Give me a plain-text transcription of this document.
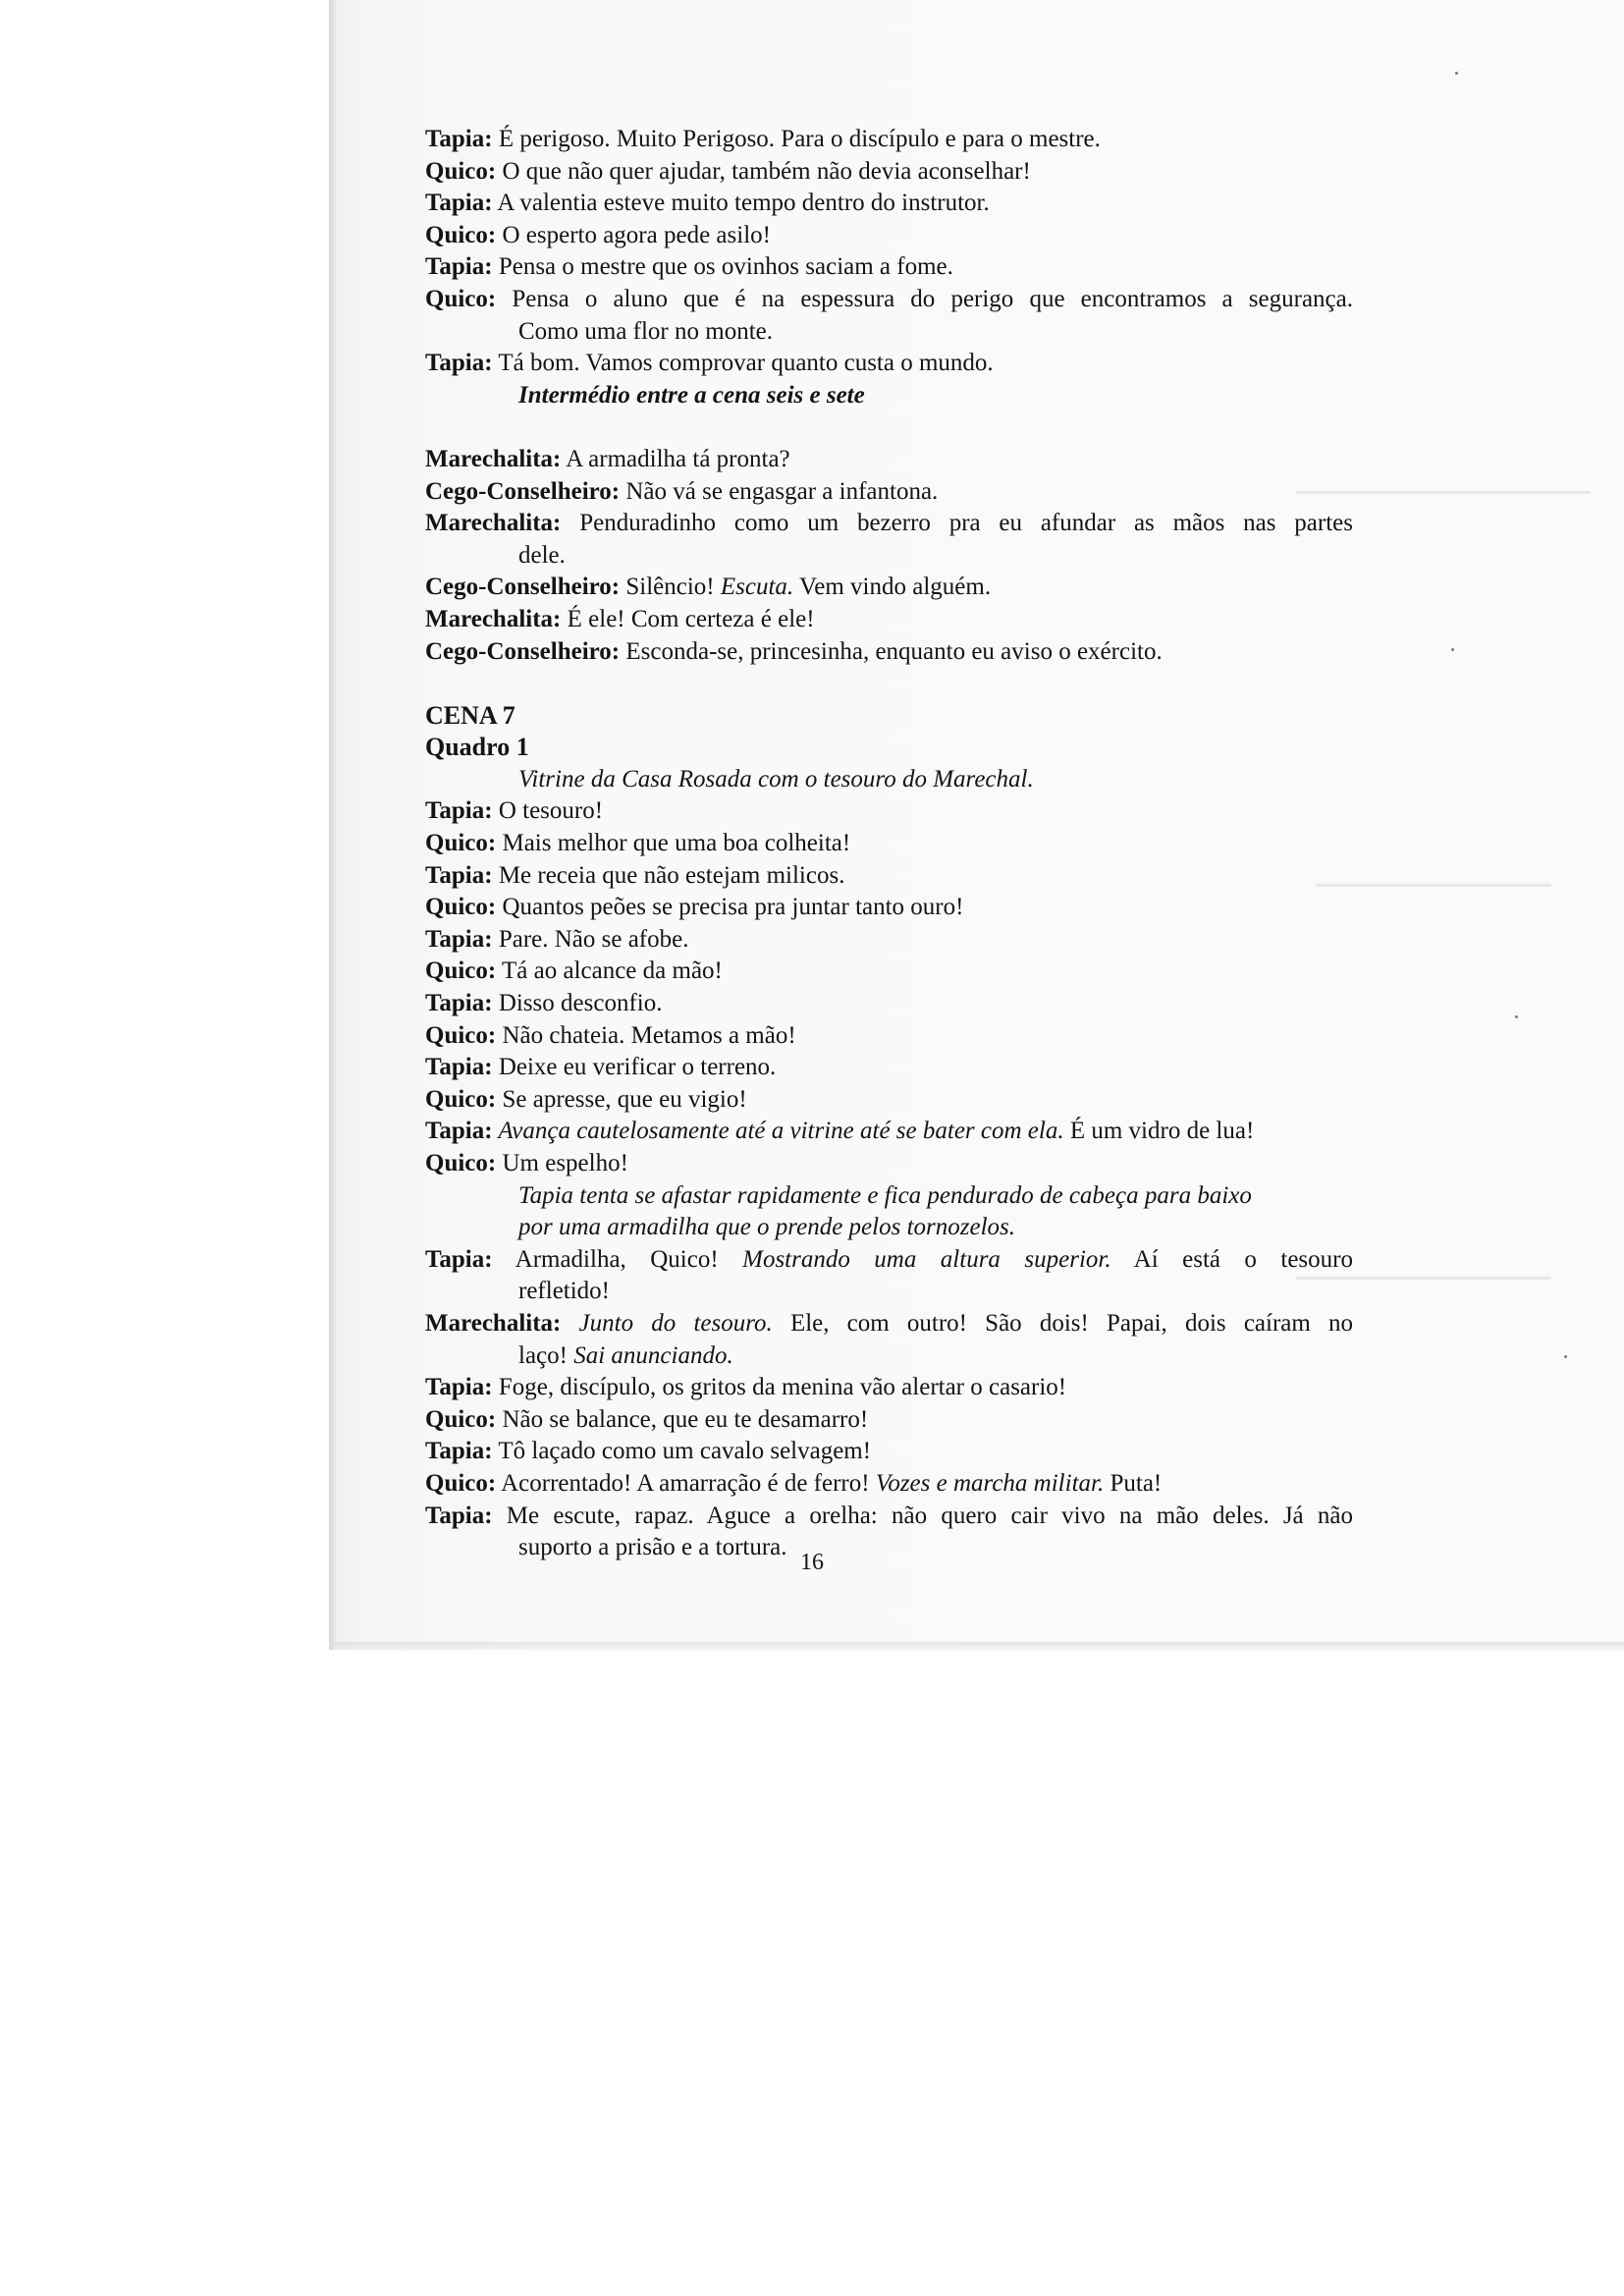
Tapia: É perigoso. Muito Perigoso. Para o discípulo e para o mestre.
Quico: O que não quer ajudar, também não devia aconselhar!
Tapia: A valentia esteve muito tempo dentro do instrutor.
Quico: O esperto agora pede asilo!
Tapia: Pensa o mestre que os ovinhos saciam a fome.
Quico: Pensa o aluno que é na espessura do perigo que encontramos a segurança.
Como uma flor no monte.
Tapia: Tá bom. Vamos comprovar quanto custa o mundo.
Intermédio entre a cena seis e sete
Marechalita: A armadilha tá pronta?
Cego-Conselheiro: Não vá se engasgar a infantona.
Marechalita: Penduradinho como um bezerro pra eu afundar as mãos nas partes
dele.
Cego-Conselheiro: Silêncio! Escuta. Vem vindo alguém.
Marechalita: É ele! Com certeza é ele!
Cego-Conselheiro: Esconda-se, princesinha, enquanto eu aviso o exército.
CENA 7
Quadro 1
Vitrine da Casa Rosada com o tesouro do Marechal.
Tapia: O tesouro!
Quico: Mais melhor que uma boa colheita!
Tapia: Me receia que não estejam milicos.
Quico: Quantos peões se precisa pra juntar tanto ouro!
Tapia: Pare. Não se afobe.
Quico: Tá ao alcance da mão!
Tapia: Disso desconfio.
Quico: Não chateia. Metamos a mão!
Tapia: Deixe eu verificar o terreno.
Quico: Se apresse, que eu vigio!
Tapia: Avança cautelosamente até a vitrine até se bater com ela. É um vidro de lua!
Quico: Um espelho!
Tapia tenta se afastar rapidamente e fica pendurado de cabeça para baixo
por uma armadilha que o prende pelos tornozelos.
Tapia: Armadilha, Quico! Mostrando uma altura superior. Aí está o tesouro
refletido!
Marechalita: Junto do tesouro. Ele, com outro! São dois! Papai, dois caíram no
laço! Sai anunciando.
Tapia: Foge, discípulo, os gritos da menina vão alertar o casario!
Quico: Não se balance, que eu te desamarro!
Tapia: Tô laçado como um cavalo selvagem!
Quico: Acorrentado! A amarração é de ferro! Vozes e marcha militar. Puta!
Tapia: Me escute, rapaz. Aguce a orelha: não quero cair vivo na mão deles. Já não
suporto a prisão e a tortura.
16
